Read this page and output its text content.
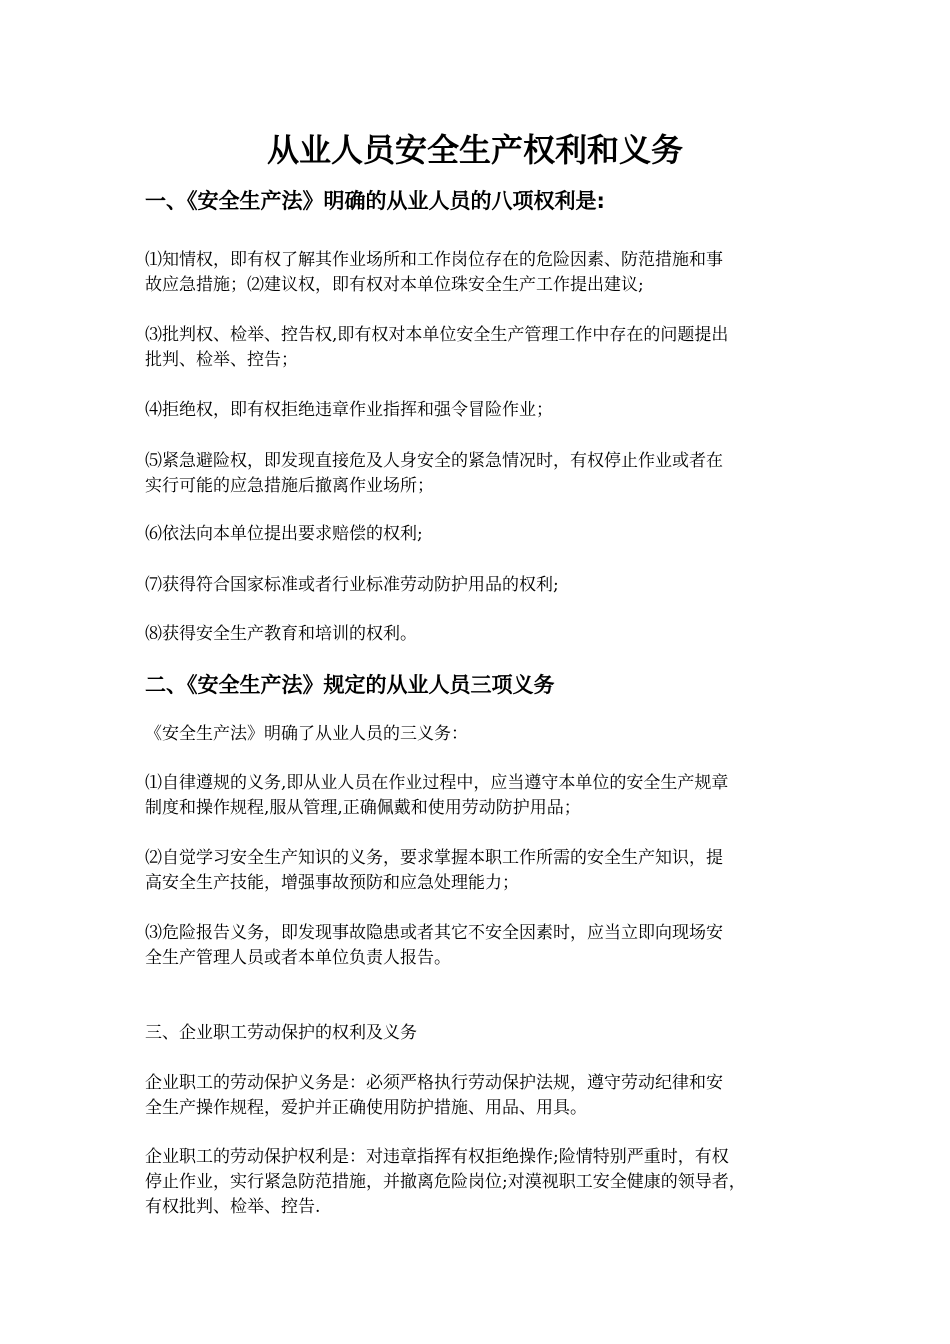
从业人员安全生产权利和义务
一、《安全生产法》明确的从业人员的八项权利是:

⑴知情权，即有权了解其作业场所和工作岗位存在的危险因素、防范措施和事
故应急措施；⑵建议权，即有权对本单位珠安全生产工作提出建议;

⑶批判权、检举、控告权,即有权对本单位安全生产管理工作中存在的问题提出
批判、检举、控告；

⑷拒绝权，即有权拒绝违章作业指挥和强令冒险作业；

⑸紧急避险权，即发现直接危及人身安全的紧急情况时，有权停止作业或者在
实行可能的应急措施后撤离作业场所；

⑹依法向本单位提出要求赔偿的权利;

⑺获得符合国家标准或者行业标准劳动防护用品的权利;

⑻获得安全生产教育和培训的权利。

二、《安全生产法》规定的从业人员三项义务

《安全生产法》明确了从业人员的三义务：

⑴自律遵规的义务,即从业人员在作业过程中，应当遵守本单位的安全生产规章
制度和操作规程,服从管理,正确佩戴和使用劳动防护用品；

⑵自觉学习安全生产知识的义务，要求掌握本职工作所需的安全生产知识，提
高安全生产技能，增强事故预防和应急处理能力；

⑶危险报告义务，即发现事故隐患或者其它不安全因素时，应当立即向现场安
全生产管理人员或者本单位负责人报告。

三、企业职工劳动保护的权利及义务

企业职工的劳动保护义务是：必须严格执行劳动保护法规，遵守劳动纪律和安
全生产操作规程，爱护并正确使用防护措施、用品、用具。

企业职工的劳动保护权利是：对违章指挥有权拒绝操作;险情特别严重时，有权
停止作业，实行紧急防范措施，并撤离危险岗位;对漠视职工安全健康的领导者，
有权批判、检举、控告.
